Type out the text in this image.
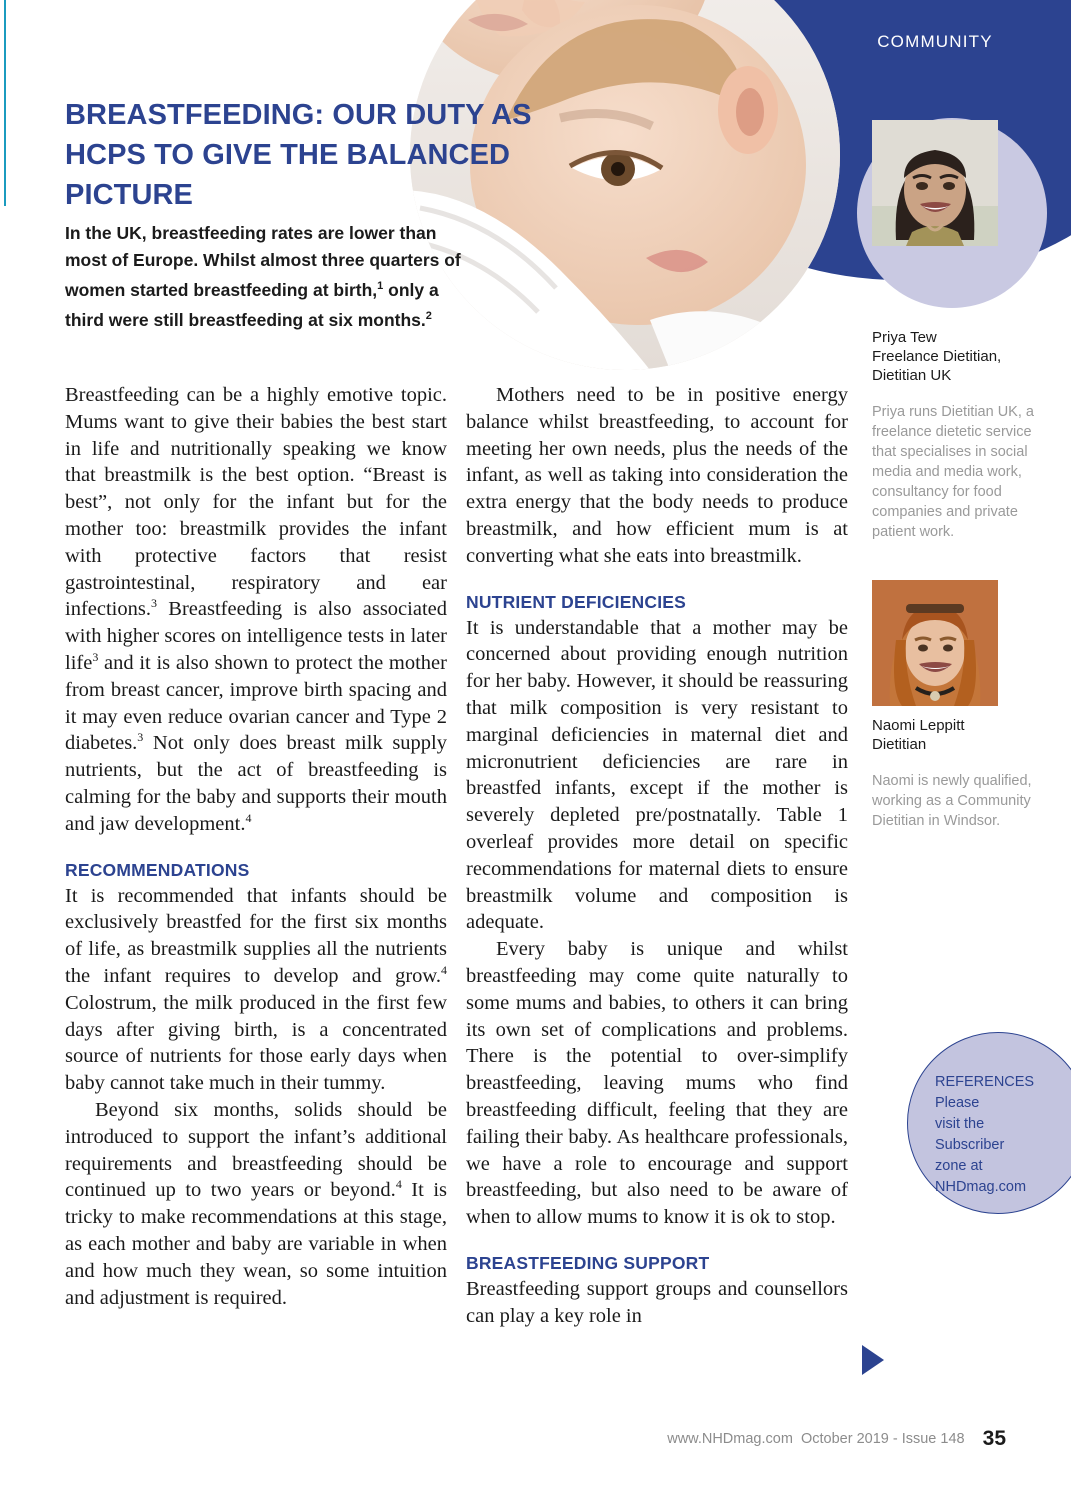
COMMUNITY
BREASTFEEDING: OUR DUTY AS HCPS TO GIVE THE BALANCED PICTURE
In the UK, breastfeeding rates are lower than most of Europe. Whilst almost three quarters of women started breastfeeding at birth,$^1$ only a third were still breastfeeding at six months.$^2$

Breastfeeding can be a highly emotive topic. Mums want to give their babies the best start in life and nutritionally speaking we know that breastmilk is the best option. “Breast is best”, not only for the infant but for the mother too: breastmilk provides the infant with protective factors that resist gastrointestinal, respiratory and ear infections.$^3$ Breastfeeding is also associated with higher scores on intelligence tests in later life$^3$ and it is also shown to protect the mother from breast cancer, improve birth spacing and it may even reduce ovarian cancer and Type 2 diabetes.$^3$ Not only does breast milk supply nutrients, but the act of breastfeeding is calming for the baby and supports their mouth and jaw development.$^4$

RECOMMENDATIONS

It is recommended that infants should be exclusively breastfed for the first six months of life, as breastmilk supplies all the nutrients the infant requires to develop and grow.$^4$ Colostrum, the milk produced in the first few days after giving birth, is a concentrated source of nutrients for those early days when baby cannot take much in their tummy.

Beyond six months, solids should be introduced to support the infant’s additional requirements and breastfeeding should be continued up to two years or beyond.$^4$ It is tricky to make recommendations at this stage, as each mother and baby are variable in when and how much they wean, so some intuition and adjustment is required.

Mothers need to be in positive energy balance whilst breastfeeding, to account for meeting her own needs, plus the needs of the infant, as well as taking into consideration the extra energy that the body needs to produce breastmilk, and how efficient mum is at converting what she eats into breastmilk.

NUTRIENT DEFICIENCIES

It is understandable that a mother may be concerned about providing enough nutrition for her baby. However, it should be reassuring that milk composition is very resistant to marginal deficiencies in maternal diet and micronutrient deficiencies are rare in breastfed infants, except if the mother is severely depleted pre/postnatally. Table 1 overleaf provides more detail on specific recommendations for maternal diets to ensure breastmilk volume and composition is adequate.

Every baby is unique and whilst breastfeeding may come quite naturally to some mums and babies, to others it can bring its own set of complications and problems. There is the potential to over-simplify breastfeeding, leaving mums who find breastfeeding difficult, feeling that they are failing their baby. As healthcare professionals, we have a role to encourage and support breastfeeding, but also need to be aware of when to allow mums to know it is ok to stop.

BREASTFEEDING SUPPORT

Breastfeeding support groups and counsellors can play a key role in

Priya Tew
Freelance Dietitian,
Dietitian UK
Priya runs Dietitian UK, a freelance dietetic service that specialises in social media and media work, consultancy for food companies and private patient work.
Naomi Leppitt
Dietitian
Naomi is newly qualified, working as a Community Dietitian in Windsor.
REFERENCES
Please
visit the
Subscriber
zone at
NHDmag.com
www.NHDmag.com October 2019 - Issue 148 35
